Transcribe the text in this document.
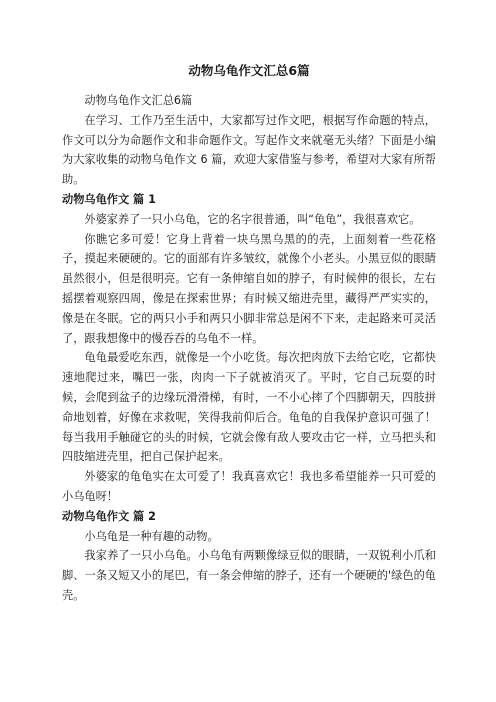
动物乌龟作文汇总6篇

动物乌龟作文汇总6篇

在学习、工作乃至生活中，大家都写过作文吧，根据写作命题的特点，作文可以分为命题作文和非命题作文。写起作文来就毫无头绪？下面是小编为大家收集的动物乌龟作文 6 篇，欢迎大家借鉴与参考，希望对大家有所帮助。

动物乌龟作文 篇 1

外婆家养了一只小乌龟，它的名字很普通，叫“龟龟”，我很喜欢它。

你瞧它多可爱！它身上背着一块乌黑乌黑的的壳，上面刻着一些花格子，摸起来硬硬的。它的面部有许多皱纹，就像个小老头。小黑豆似的眼睛虽然很小，但是很明亮。它有一条伸缩自如的脖子，有时候伸的很长，左右摇摆着观察四周，像是在探索世界；有时候又缩进壳里，藏得严严实实的，像是在冬眠。它的两只小手和两只小脚非常总是闲不下来，走起路来可灵活了，跟我想像中的慢吞吞的乌龟不一样。

龟龟最爱吃东西，就像是一个小吃货。每次把肉放下去给它吃，它都快速地爬过来，嘴巴一张，肉肉一下子就被消灭了。平时，它自己玩耍的时候，会爬到盆子的边缘玩滑滑梯，有时，一不小心摔了个四脚朝天，四肢拼命地划着，好像在求救呢，笑得我前仰后合。龟龟的自我保护意识可强了！每当我用手触碰它的头的时候，它就会像有敌人要攻击它一样，立马把头和四肢缩进壳里，把自己保护起来。

外婆家的龟龟实在太可爱了！我真喜欢它！我也多希望能养一只可爱的小乌龟呀！

动物乌龟作文 篇 2

小乌龟是一种有趣的动物。

我家养了一只小乌龟。小乌龟有两颗像绿豆似的眼睛，一双锐利小爪和脚、一条又短又小的尾巴，有一条会伸缩的脖子，还有一个硬硬的'绿色的龟壳。
